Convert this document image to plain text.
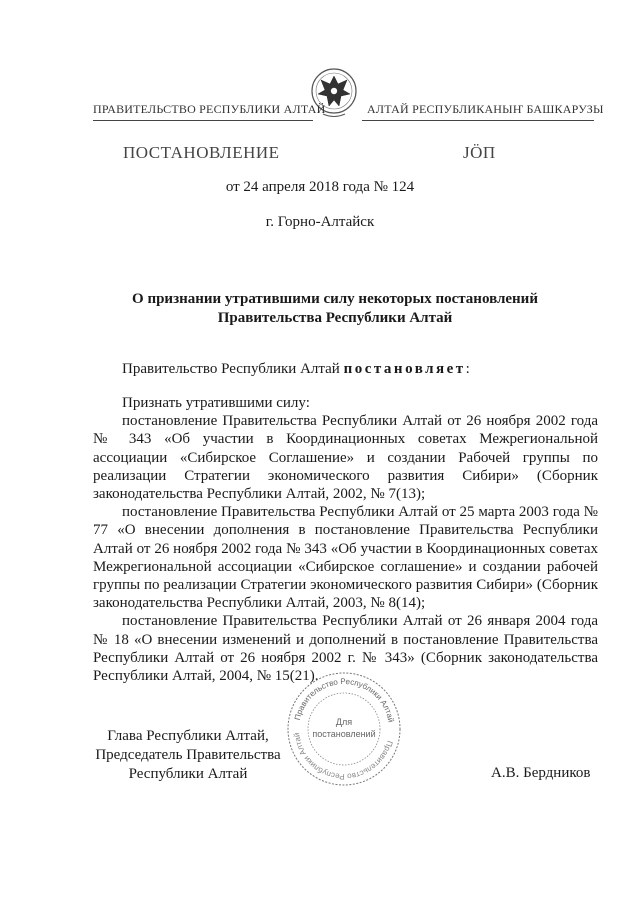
ПРАВИТЕЛЬСТВО РЕСПУБЛИКИ АЛТАЙ	АЛТАЙ РЕСПУБЛИКАНЫҤ БАШКАРУЗЫ
ПОСТАНОВЛЕНИЕ	JÖП
от 24 апреля 2018 года № 124
г. Горно-Алтайск
О признании утратившими силу некоторых постановлений
Правительства Республики Алтай
Правительство Республики Алтай постановляет:

Признать утратившими силу:

постановление Правительства Республики Алтай от 26 ноября 2002 года № 343 «Об участии в Координационных советах Межрегиональной ассоциации «Сибирское Соглашение» и создании Рабочей группы по реализации Стратегии экономического развития Сибири» (Сборник законодательства Республики Алтай, 2002, № 7(13);

постановление Правительства Республики Алтай от 25 марта 2003 года № 77 «О внесении дополнения в постановление Правительства Республики Алтай от 26 ноября 2002 года № 343 «Об участии в Координационных советах Межрегиональной ассоциации «Сибирское соглашение» и создании рабочей группы по реализации Стратегии экономического развития Сибири» (Сборник законодательства Республики Алтай, 2003, № 8(14);

постановление Правительства Республики Алтай от 26 января 2004 года № 18 «О внесении изменений и дополнений в постановление Правительства Республики Алтай от 26 ноября 2002 г. № 343» (Сборник законодательства Республики Алтай, 2004, № 15(21).

Глава Республики Алтай,
Председатель Правительства
Республики Алтай	А.В. Бердников
Правительство Республики Алтай
Правительство Республики Алтай
Для
постановлений
